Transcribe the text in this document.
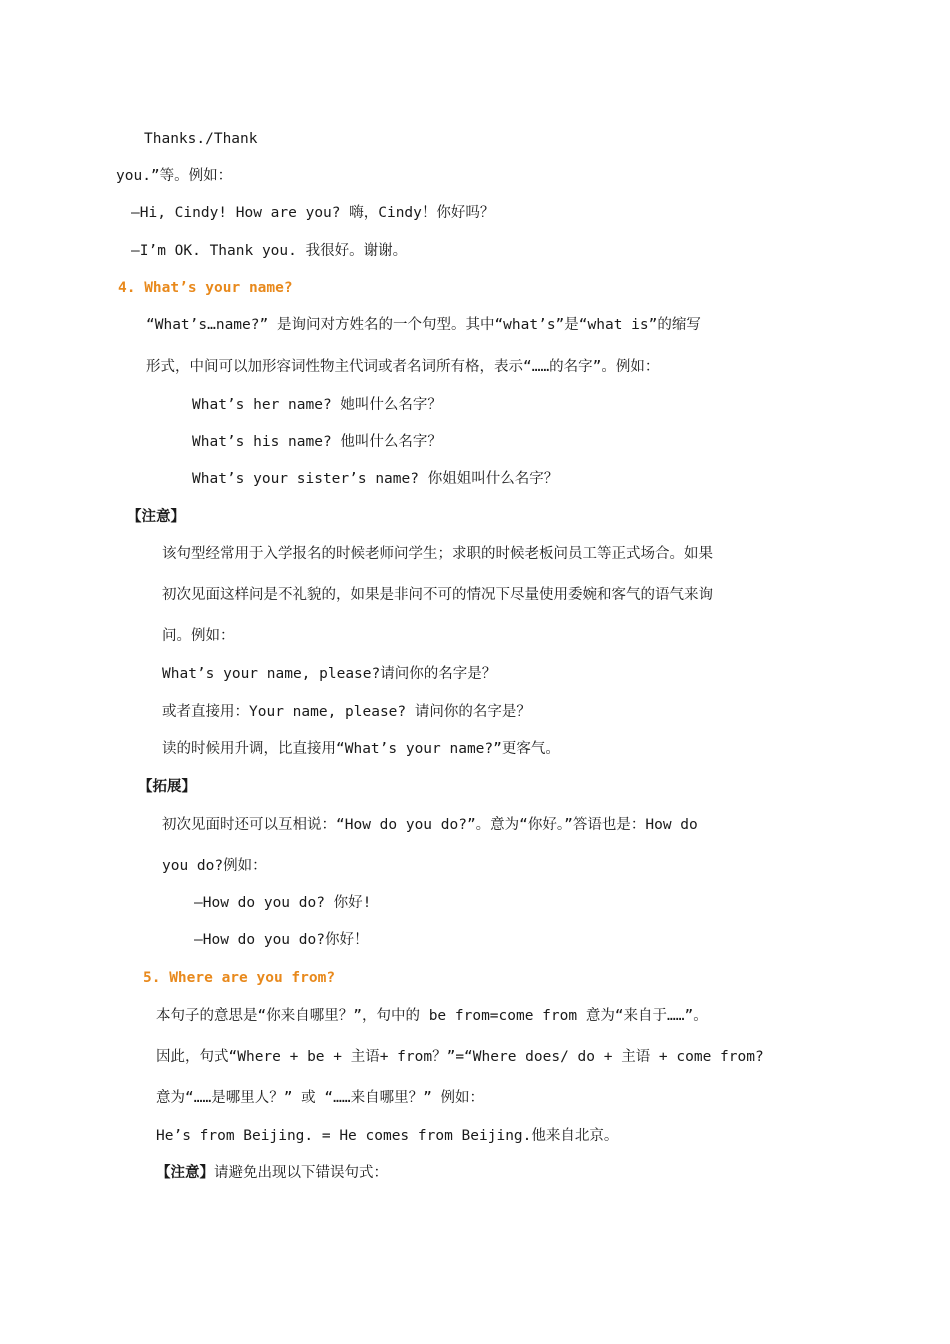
Thanks./Thank
you.”等。例如：
—Hi, Cindy! How are you? 嗨，Cindy！你好吗？
—I’m OK. Thank you. 我很好。谢谢。
4. What’s your name?
“What’s…name?” 是询问对方姓名的一个句型。其中“what’s”是“what is”的缩写
形式，中间可以加形容词性物主代词或者名词所有格，表示“……的名字”。例如：
What’s her name? 她叫什么名字？
What’s his name? 他叫什么名字？
What’s your sister’s name? 你姐姐叫什么名字？
【注意】
该句型经常用于入学报名的时候老师问学生；求职的时候老板问员工等正式场合。如果
初次见面这样问是不礼貌的，如果是非问不可的情况下尽量使用委婉和客气的语气来询
问。例如：
What’s your name, please?请问你的名字是？
或者直接用：Your name, please? 请问你的名字是？
读的时候用升调，比直接用“What’s your name?”更客气。
【拓展】
初次见面时还可以互相说：“How do you do?”。意为“你好。”答语也是：How do
you do?例如：
—How do you do? 你好!
—How do you do?你好！
5. Where are you from?
本句子的意思是“你来自哪里？”，句中的 be from=come from 意为“来自于……”。
因此，句式“Where + be + 主语+ from？”=“Where does/ do + 主语 + come from?
意为“……是哪里人？” 或 “……来自哪里？” 例如：
He’s from Beijing. = He comes from Beijing.他来自北京。
【注意】请避免出现以下错误句式：
